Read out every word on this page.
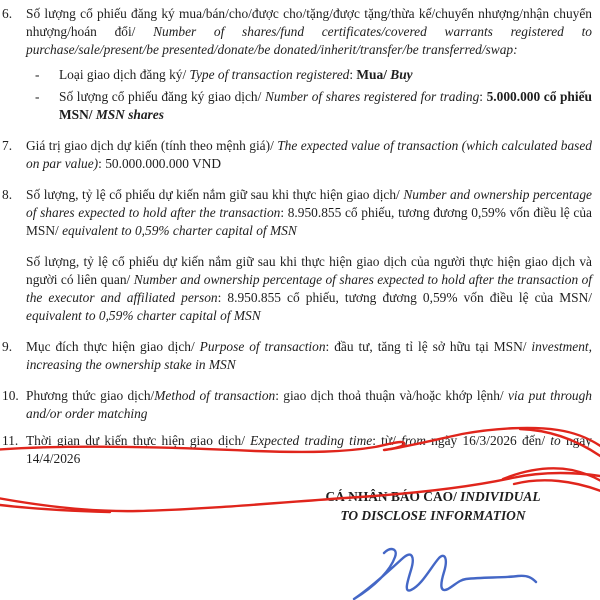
6. Số lượng cổ phiếu đăng ký mua/bán/cho/được cho/tặng/được tặng/thừa kế/chuyển nhượng/nhận chuyển nhượng/hoán đổi/ Number of shares/fund certificates/covered warrants registered to purchase/sale/present/be presented/donate/be donated/inherit/transfer/be transferred/swap:

- Loại giao dịch đăng ký/ Type of transaction registered: Mua/ Buy

- Số lượng cổ phiếu đăng ký giao dịch/ Number of shares registered for trading: 5.000.000 cổ phiếu MSN/ MSN shares

7. Giá trị giao dịch dự kiến (tính theo mệnh giá)/ The expected value of transaction (which calculated based on par value): 50.000.000.000 VND

8. Số lượng, tỷ lệ cổ phiếu dự kiến nắm giữ sau khi thực hiện giao dịch/ Number and ownership percentage of shares expected to hold after the transaction: 8.950.855 cổ phiếu, tương đương 0,59% vốn điều lệ của MSN/ equivalent to 0,59% charter capital of MSN

Số lượng, tỷ lệ cổ phiếu dự kiến nắm giữ sau khi thực hiện giao dịch của người thực hiện giao dịch và người có liên quan/ Number and ownership percentage of shares expected to hold after the transaction of the executor and affiliated person: 8.950.855 cổ phiếu, tương đương 0,59% vốn điều lệ của MSN/ equivalent to 0,59% charter capital of MSN

9. Mục đích thực hiện giao dịch/ Purpose of transaction: đầu tư, tăng tỉ lệ sở hữu tại MSN/ investment, increasing the ownership stake in MSN

10. Phương thức giao dịch/Method of transaction: giao dịch thoả thuận và/hoặc khớp lệnh/ via put through and/or order matching

11. Thời gian dự kiến thực hiện giao dịch/ Expected trading time: từ/ from ngày 16/3/2026 đến/ to ngày 14/4/2026

CÁ NHÂN BÁO CÁO/ INDIVIDUAL
TO DISCLOSE INFORMATION
